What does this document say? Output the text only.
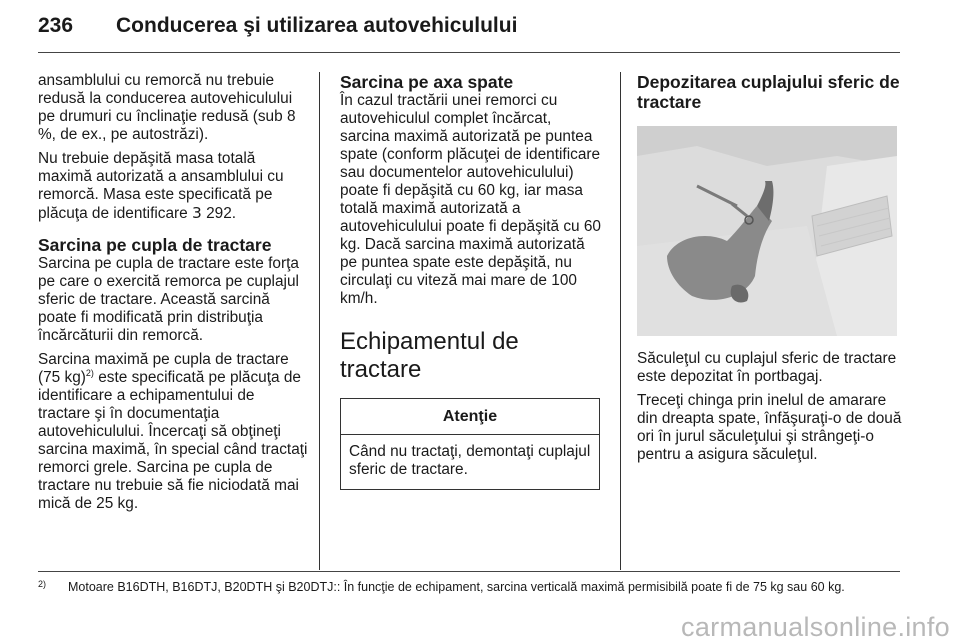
236 Conducerea şi utilizarea autovehiculului

ansamblului cu remorcă nu trebuie redusă la conducerea autovehiculului pe drumuri cu înclinaţie redusă (sub 8 %, de ex., pe autostrăzi).

Nu trebuie depăşită masa totală maximă autorizată a ansamblului cu remorcă. Masa este specificată pe plăcuţa de identificare 3 292.

Sarcina pe cupla de tractare

Sarcina pe cupla de tractare este forţa pe care o exercită remorca pe cuplajul sferic de tractare. Această sarcină poate fi modificată prin distribuţia încărcăturii din remorcă.

Sarcina maximă pe cupla de tractare (75 kg)$^{2)}$ este specificată pe plăcuţa de identificare a echipamentului de tractare şi în documentaţia autovehiculului. Încercaţi să obţineţi sarcina maximă, în special când tractaţi remorci grele. Sarcina pe cupla de tractare nu trebuie să fie niciodată mai mică de 25 kg.

Sarcina pe axa spate

În cazul tractării unei remorci cu autovehiculul complet încărcat, sarcina maximă autorizată pe puntea spate (conform plăcuţei de identificare sau documentelor autovehiculului) poate fi depăşită cu 60 kg, iar masa totală maximă autorizată a autovehiculului poate fi depăşită cu 60 kg. Dacă sarcina maximă autorizată pe puntea spate este depăşită, nu circulaţi cu viteză mai mare de 100 km/h.

Echipamentul de tractare
Atenţie
Când nu tractaţi, demontaţi cuplajul sferic de tractare.
Depozitarea cuplajului sferic de tractare

Săculeţul cu cuplajul sferic de tractare este depozitat în portbagaj.

Treceţi chinga prin inelul de amarare din dreapta spate, înfăşuraţi-o de două ori în jurul săculeţului şi strângeţi-o pentru a asigura săculeţul.

2) Motoare B16DTH, B16DTJ, B20DTH şi B20DTJ:: În funcţie de echipament, sarcina verticală maximă permisibilă poate fi de 75 kg sau 60 kg.
carmanualsonline.info
